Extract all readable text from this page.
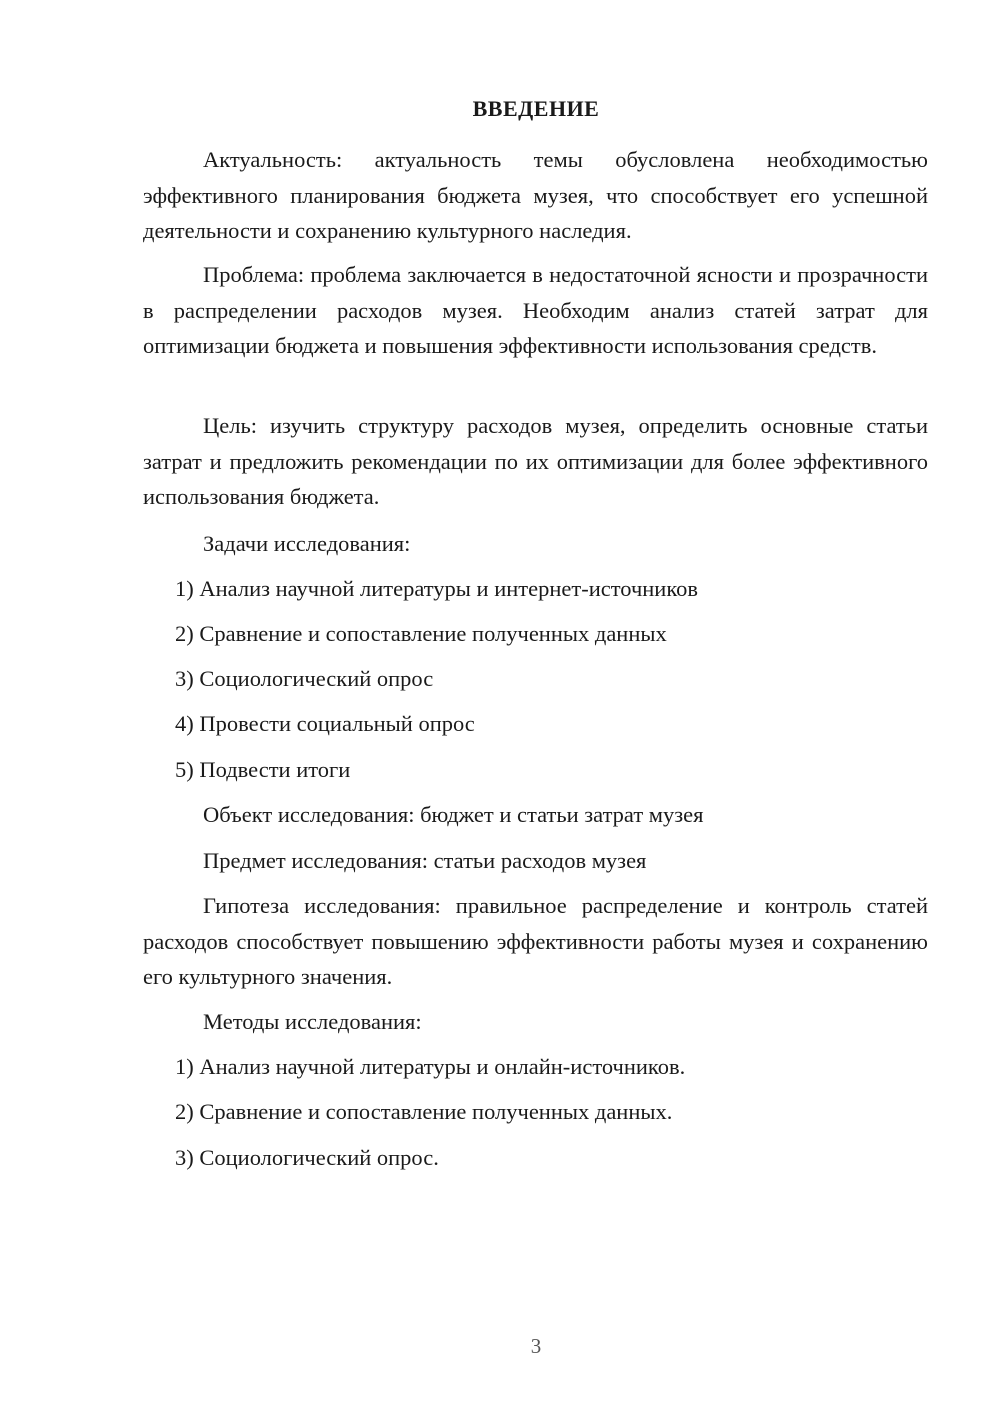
ВВЕДЕНИЕ
Актуальность: актуальность темы обусловлена необходимостью эффективного планирования бюджета музея, что способствует его успешной деятельности и сохранению культурного наследия.
Проблема: проблема заключается в недостаточной ясности и прозрачности в распределении расходов музея. Необходим анализ статей затрат для оптимизации бюджета и повышения эффективности использования средств.
Цель: изучить структуру расходов музея, определить основные статьи затрат и предложить рекомендации по их оптимизации для более эффективного использования бюджета.
Задачи исследования:
1) Анализ научной литературы и интернет-источников
2) Сравнение и сопоставление полученных данных
3) Социологический опрос
4) Провести социальный опрос
5) Подвести итоги
Объект исследования: бюджет и статьи затрат музея
Предмет исследования: статьи расходов музея
Гипотеза исследования: правильное распределение и контроль статей расходов способствует повышению эффективности работы музея и сохранению его культурного значения.
Методы исследования:
1) Анализ научной литературы и онлайн-источников.
2) Сравнение и сопоставление полученных данных.
3) Социологический опрос.
3
